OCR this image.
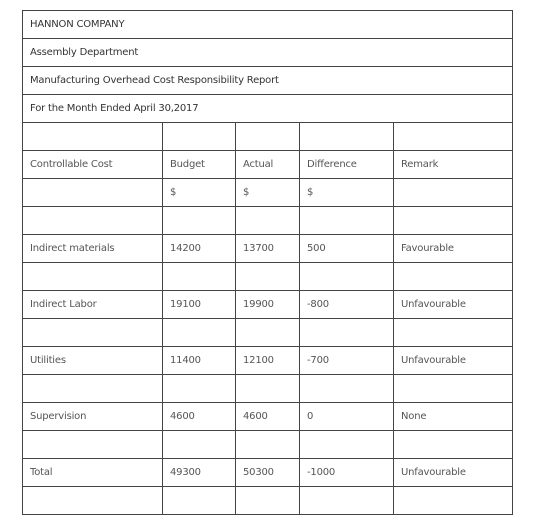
HANNON COMPANY				
Assembly Department				
Manufacturing Overhead Cost Responsibility Report				
For the Month Ended April 30,2017				

Controllable Cost	Budget	Actual	Difference	Remark
	$	$	$	

Indirect materials	14200	13700	500	Favourable

Indirect Labor	19100	19900	-800	Unfavourable

Utilities	11400	12100	-700	Unfavourable

Supervision	4600	4600	0	None

Total	49300	50300	-1000	Unfavourable
